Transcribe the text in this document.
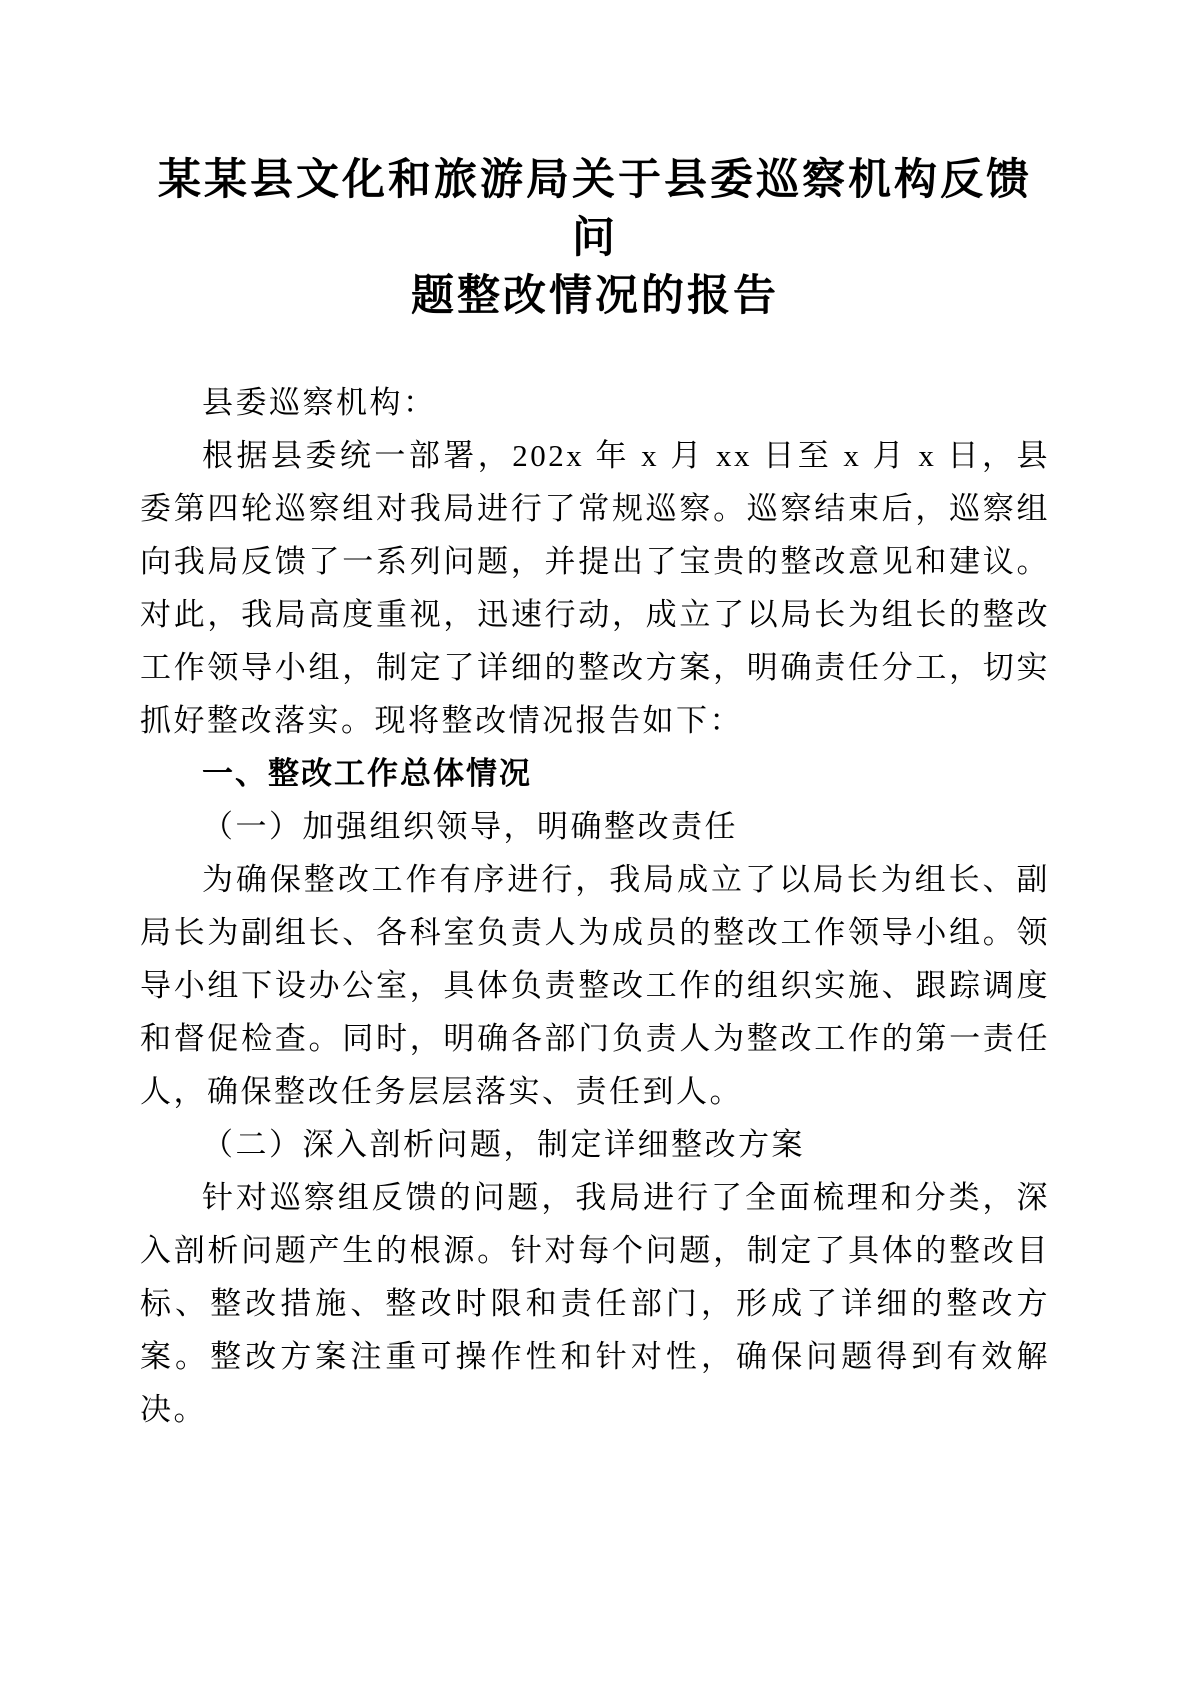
某某县文化和旅游局关于县委巡察机构反馈问
题整改情况的报告

县委巡察机构：

根据县委统一部署，202x 年 x 月 xx 日至 x 月 x 日，县委第四轮巡察组对我局进行了常规巡察。巡察结束后，巡察组向我局反馈了一系列问题，并提出了宝贵的整改意见和建议。对此，我局高度重视，迅速行动，成立了以局长为组长的整改工作领导小组，制定了详细的整改方案，明确责任分工，切实抓好整改落实。现将整改情况报告如下：

一、整改工作总体情况

（一）加强组织领导，明确整改责任

为确保整改工作有序进行，我局成立了以局长为组长、副局长为副组长、各科室负责人为成员的整改工作领导小组。领导小组下设办公室，具体负责整改工作的组织实施、跟踪调度和督促检查。同时，明确各部门负责人为整改工作的第一责任人，确保整改任务层层落实、责任到人。

（二）深入剖析问题，制定详细整改方案

针对巡察组反馈的问题，我局进行了全面梳理和分类，深入剖析问题产生的根源。针对每个问题，制定了具体的整改目标、整改措施、整改时限和责任部门，形成了详细的整改方案。整改方案注重可操作性和针对性，确保问题得到有效解决。
